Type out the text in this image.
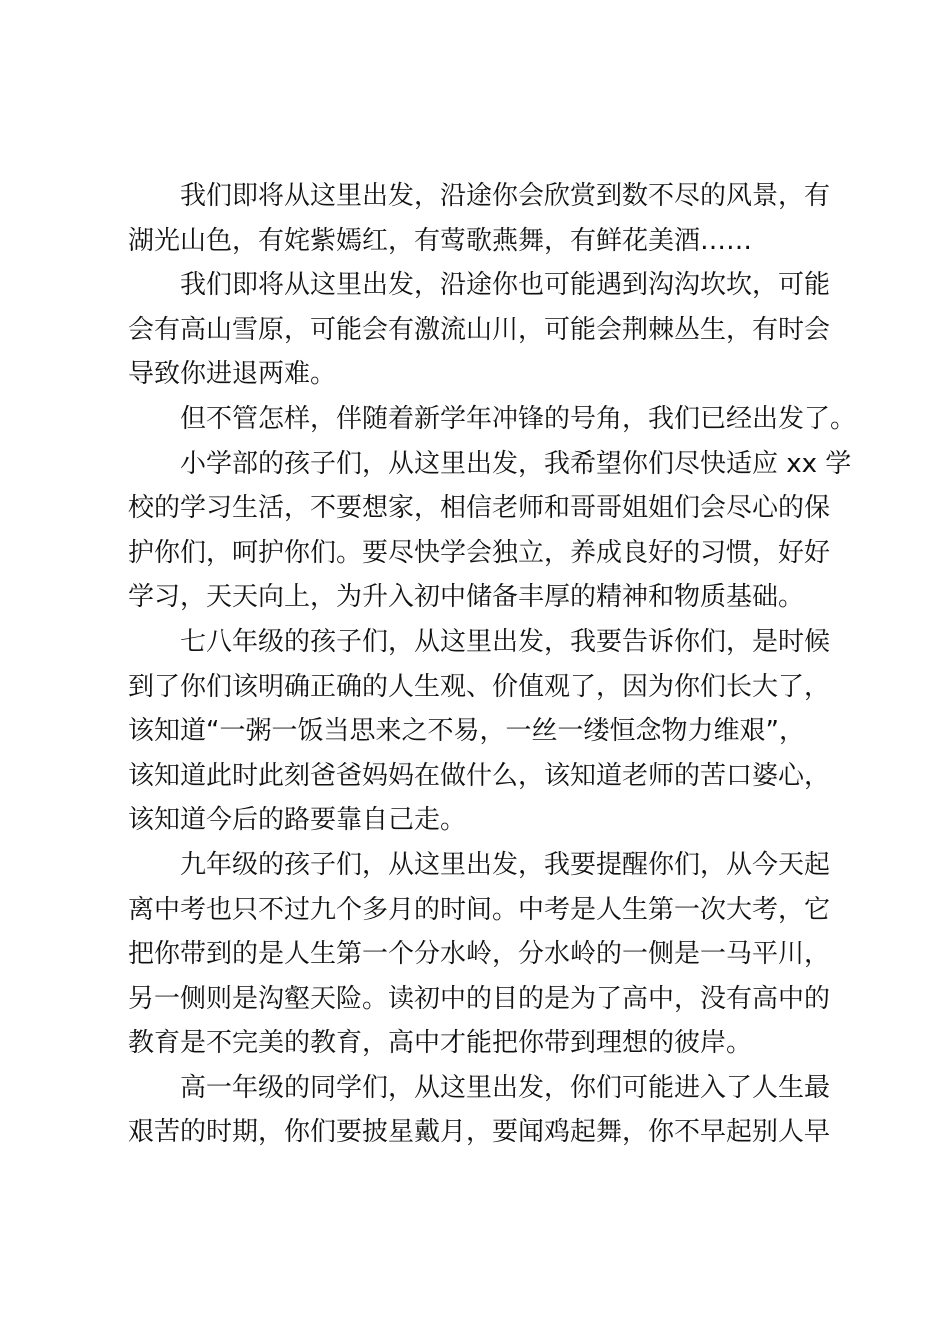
　　我们即将从这里出发，沿途你会欣赏到数不尽的风景，有
湖光山色，有姹紫嫣红，有莺歌燕舞，有鲜花美酒……
　　我们即将从这里出发，沿途你也可能遇到沟沟坎坎，可能
会有高山雪原，可能会有激流山川，可能会荆棘丛生，有时会
导致你进退两难。
　　但不管怎样，伴随着新学年冲锋的号角，我们已经出发了。
　　小学部的孩子们，从这里出发，我希望你们尽快适应 xx 学
校的学习生活，不要想家，相信老师和哥哥姐姐们会尽心的保
护你们，呵护你们。要尽快学会独立，养成良好的习惯，好好
学习，天天向上，为升入初中储备丰厚的精神和物质基础。
　　七八年级的孩子们，从这里出发，我要告诉你们，是时候
到了你们该明确正确的人生观、价值观了，因为你们长大了，
该知道“一粥一饭当思来之不易，一丝一缕恒念物力维艰”，
该知道此时此刻爸爸妈妈在做什么，该知道老师的苦口婆心，
该知道今后的路要靠自己走。
　　九年级的孩子们，从这里出发，我要提醒你们，从今天起
离中考也只不过九个多月的时间。中考是人生第一次大考，它
把你带到的是人生第一个分水岭，分水岭的一侧是一马平川，
另一侧则是沟壑天险。读初中的目的是为了高中，没有高中的
教育是不完美的教育，高中才能把你带到理想的彼岸。
　　高一年级的同学们，从这里出发，你们可能进入了人生最
艰苦的时期，你们要披星戴月，要闻鸡起舞，你不早起别人早
